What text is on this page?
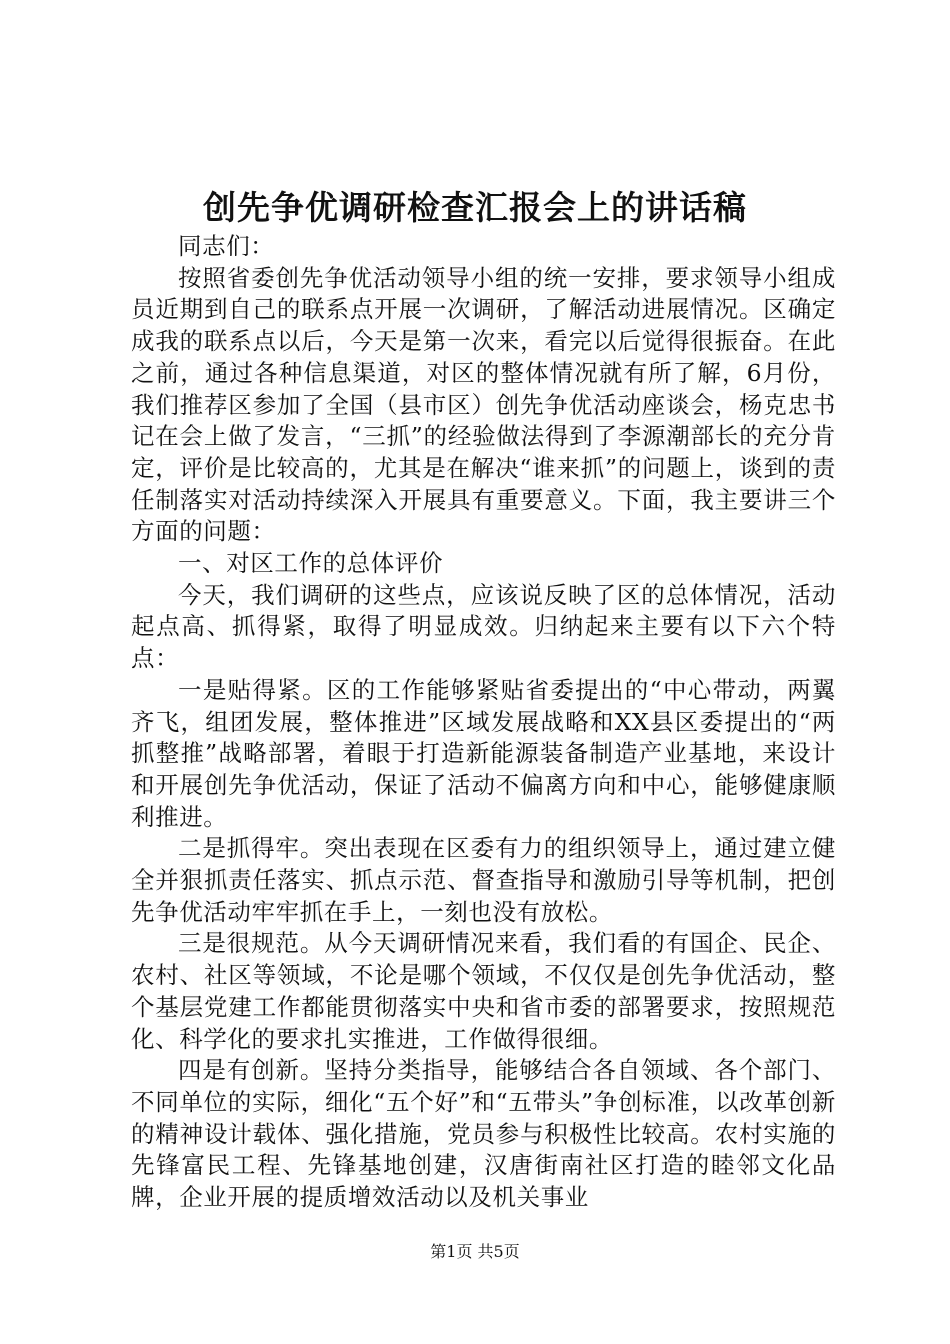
创先争优调研检查汇报会上的讲话稿

同志们：

按照省委创先争优活动领导小组的统一安排，要求领导小组成员近期到自己的联系点开展一次调研，了解活动进展情况。区确定成我的联系点以后，今天是第一次来，看完以后觉得很振奋。在此之前，通过各种信息渠道，对区的整体情况就有所了解，6月份，我们推荐区参加了全国（县市区）创先争优活动座谈会，杨克忠书记在会上做了发言，“三抓”的经验做法得到了李源潮部长的充分肯定，评价是比较高的，尤其是在解决“谁来抓”的问题上，谈到的责任制落实对活动持续深入开展具有重要意义。下面，我主要讲三个方面的问题：

一、对区工作的总体评价

今天，我们调研的这些点，应该说反映了区的总体情况，活动起点高、抓得紧，取得了明显成效。归纳起来主要有以下六个特点：

一是贴得紧。区的工作能够紧贴省委提出的“中心带动，两翼齐飞，组团发展，整体推进”区域发展战略和XX县区委提出的“两抓整推”战略部署，着眼于打造新能源装备制造产业基地，来设计和开展创先争优活动，保证了活动不偏离方向和中心，能够健康顺利推进。

二是抓得牢。突出表现在区委有力的组织领导上，通过建立健全并狠抓责任落实、抓点示范、督查指导和激励引导等机制，把创先争优活动牢牢抓在手上，一刻也没有放松。

三是很规范。从今天调研情况来看，我们看的有国企、民企、农村、社区等领域，不论是哪个领域，不仅仅是创先争优活动，整个基层党建工作都能贯彻落实中央和省市委的部署要求，按照规范化、科学化的要求扎实推进，工作做得很细。

四是有创新。坚持分类指导，能够结合各自领域、各个部门、不同单位的实际，细化“五个好”和“五带头”争创标准，以改革创新的精神设计载体、强化措施，党员参与积极性比较高。农村实施的先锋富民工程、先锋基地创建，汉唐街南社区打造的睦邻文化品牌，企业开展的提质增效活动以及机关事业

第1页 共5页
